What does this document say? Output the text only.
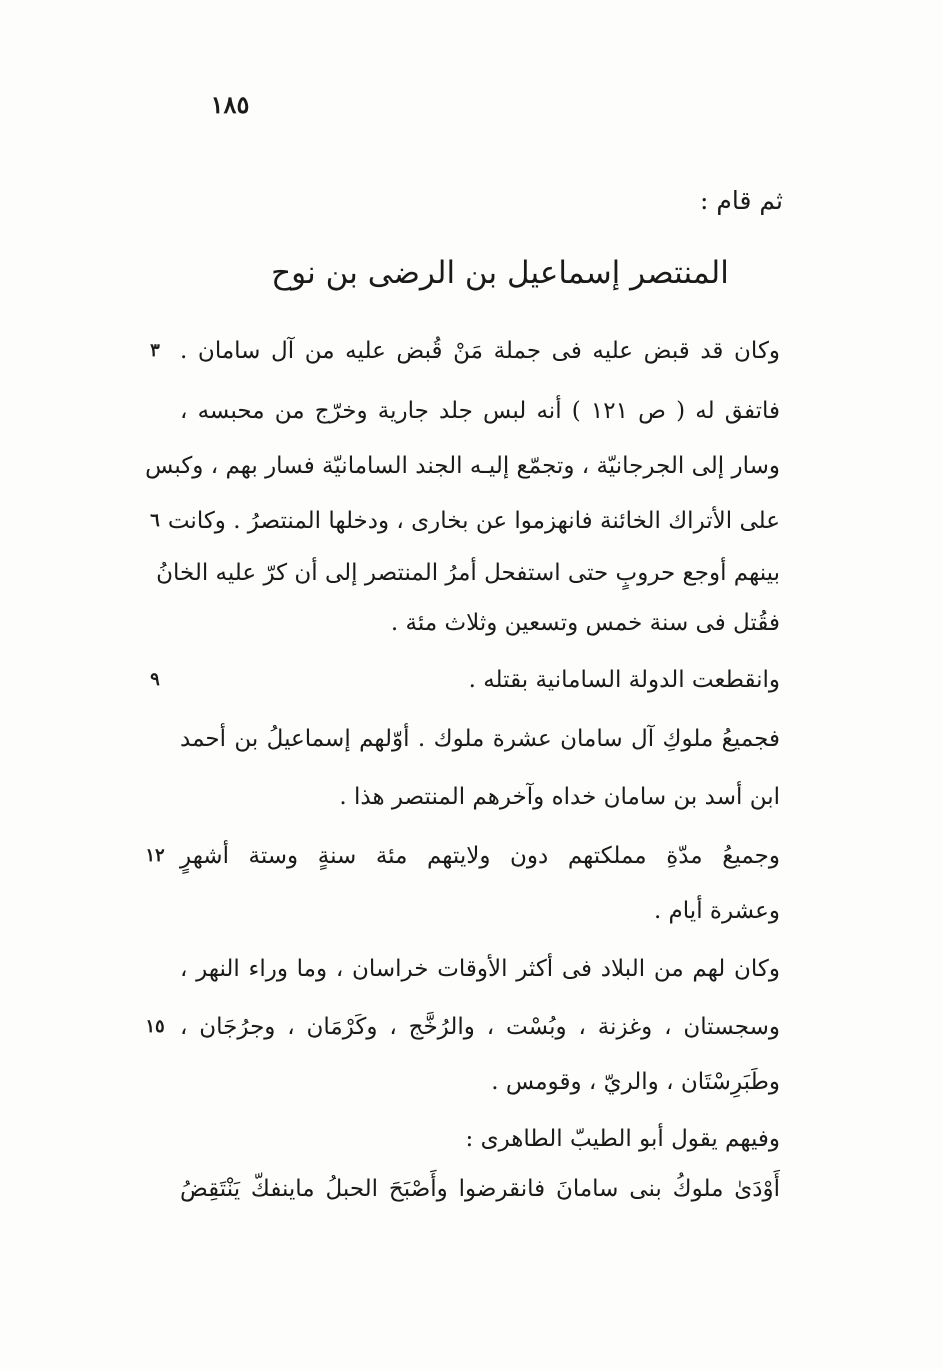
١٨٥
ثم قام :
المنتصر إسماعيل بن الرضى بن نوح
وكان قد قبض عليه فى جملة مَنْ قُبض عليه من آل سامان .
فاتفق له ( ص ١٢١ ) أنه لبس جلد جارية وخرّج من محبسه ،
وسار إلى الجرجانيّة ، وتجمّع إليـه الجند السامانيّة فسار بهم ، وكبس
على الأتراك الخائنة فانهزموا عن بخارى ، ودخلها المنتصرُ . وكانت
بينهم أوجع حروبٍ حتى استفحل أمرُ المنتصر إلى أن كرّ عليه الخانُ
فقُتل فى سنة خمس وتسعين وثلاث مئة .
وانقطعت الدولة السامانية بقتله .
فجميعُ ملوكِ آل سامان عشرة ملوك . أوّلهم إسماعيلُ بن أحمد
ابن أسد بن سامان خداه وآخرهم المنتصر هذا .
وجميعُ مدّةِ مملكتهم دون ولايتهم مئة سنةٍ وستة أشهرٍ
وعشرة أيام .
وكان لهم من البلاد فى أكثر الأوقات خراسان ، وما وراء النهر ،
وسجستان ، وغزنة ، وبُسْت ، والرُخَّج ، وكَرْمَان ، وجرُجَان ،
وطَبَرِسْتَان ، والريّ ، وقومس .
وفيهم يقول أبو الطيبّ الطاهرى :
أَوْدَىٰ ملوكُ بنى سامانَ فانقرضوا وأَصْبَحَ الحبلُ ماينفكّ يَنْتَقِضُ
٣
٦
٩
١٢
١٥
